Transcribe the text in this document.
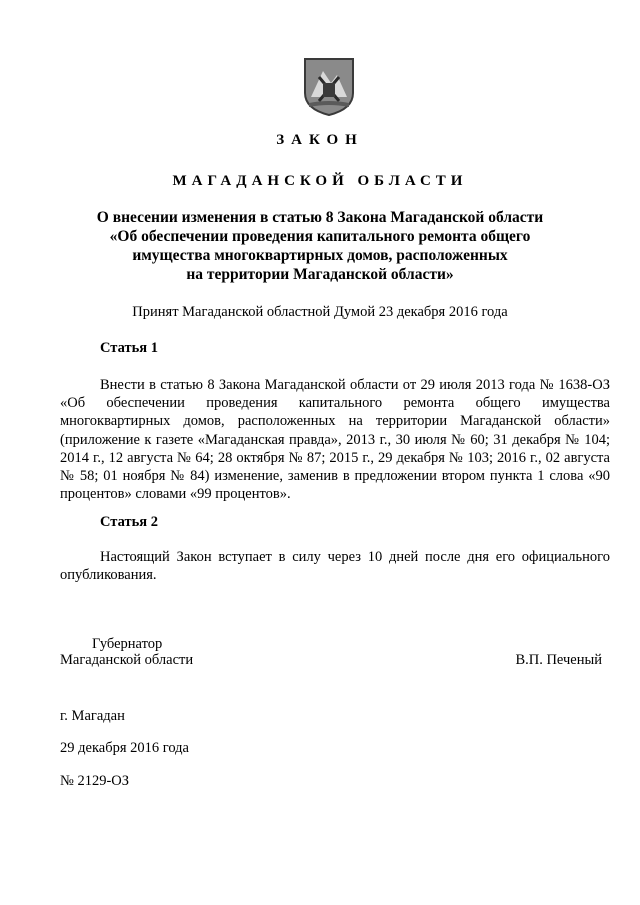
ЗАКОН
МАГАДАНСКОЙ ОБЛАСТИ
О внесении изменения в статью 8 Закона Магаданской области
«Об обеспечении проведения капитального ремонта общего
имущества многоквартирных домов, расположенных
на территории Магаданской области»
Принят Магаданской областной Думой 23 декабря 2016 года
Статья 1
Внести в статью 8 Закона Магаданской области от 29 июля 2013 года № 1638-ОЗ «Об обеспечении проведения капитального ремонта общего имущества многоквартирных домов, расположенных на территории Магаданской области» (приложение к газете «Магаданская правда», 2013 г., 30 июля № 60; 31 декабря № 104; 2014 г., 12 августа № 64; 28 октября № 87; 2015 г., 29 декабря № 103; 2016 г., 02 августа № 58; 01 ноября № 84) изменение, заменив в предложении втором пункта 1 слова «90 процентов» словами «99 процентов».
Статья 2
Настоящий Закон вступает в силу через 10 дней после дня его официального опубликования.
Губернатор
Магаданской области	В.П. Печеный
г. Магадан
29 декабря 2016 года
№ 2129-ОЗ
